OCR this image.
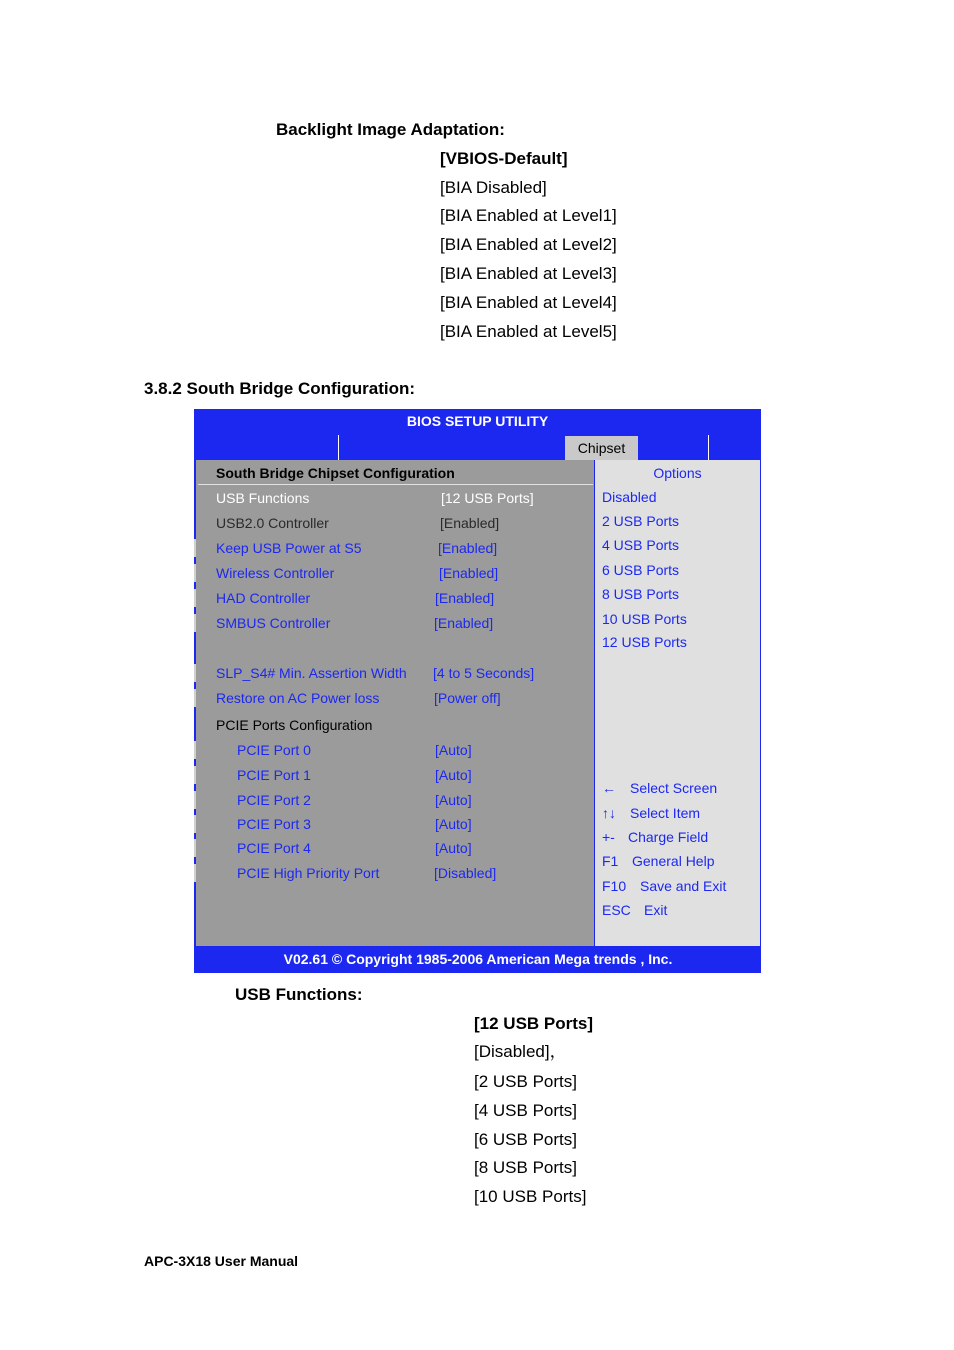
Backlight Image Adaptation:
[VBIOS-Default]
[BIA Disabled]
[BIA Enabled at Level1]
[BIA Enabled at Level2]
[BIA Enabled at Level3]
[BIA Enabled at Level4]
[BIA Enabled at Level5]
3.8.2 South Bridge Configuration:
BIOS SETUP UTILITY
Chipset
South Bridge Chipset Configuration
USB Functions	[12 USB Ports]
USB2.0 Controller	[Enabled]
Keep USB Power at S5	[Enabled]
Wireless Controller	[Enabled]
HAD Controller	[Enabled]
SMBUS Controller	[Enabled]
SLP_S4# Min. Assertion Width [4 to 5 Seconds]
Restore on AC Power loss	[Power off]
PCIE Ports Configuration
PCIE Port 0	[Auto]
PCIE Port 1	[Auto]
PCIE Port 2	[Auto]
PCIE Port 3	[Auto]
PCIE Port 4	[Auto]
PCIE High Priority Port	[Disabled]
Options
Disabled
2 USB Ports
4 USB Ports
6 USB Ports
8 USB Ports
10 USB Ports
12 USB Ports
← Select Screen
↑↓ Select Item
+- Charge Field
F1 General Help
F10 Save and Exit
ESC Exit
V02.61 © Copyright 1985-2006 American Mega trends , Inc.
USB Functions:
[12 USB Ports]
[Disabled]，
[2 USB Ports]
[4 USB Ports]
[6 USB Ports]
[8 USB Ports]
[10 USB Ports]
APC-3X18 User Manual
